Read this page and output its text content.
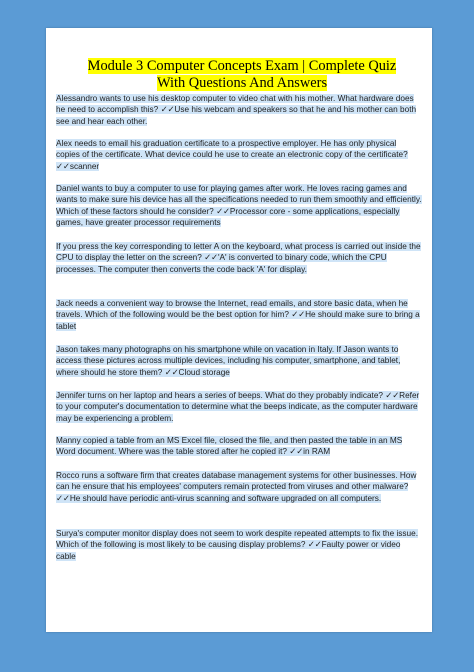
Module 3 Computer Concepts Exam | Complete Quiz
With Questions And Answers

Alessandro wants to use his desktop computer to video chat with his mother. What hardware does he need to accomplish this? ✓✓Use his webcam and speakers so that he and his mother can both see and hear each other.

Alex needs to email his graduation certificate to a prospective employer. He has only physical copies of the certificate. What device could he use to create an electronic copy of the certificate? ✓✓scanner

Daniel wants to buy a computer to use for playing games after work. He loves racing games and wants to make sure his device has all the specifications needed to run them smoothly and efficiently. Which of these factors should he consider? ✓✓Processor core - some applications, especially games, have greater processor requirements

If you press the key corresponding to letter A on the keyboard, what process is carried out inside the CPU to display the letter on the screen? ✓✓'A' is converted to binary code, which the CPU processes. The computer then converts the code back 'A' for display.

Jack needs a convenient way to browse the Internet, read emails, and store basic data, when he travels. Which of the following would be the best option for him? ✓✓He should make sure to bring a tablet

Jason takes many photographs on his smartphone while on vacation in Italy. If Jason wants to access these pictures across multiple devices, including his computer, smartphone, and tablet, where should he store them? ✓✓Cloud storage

Jennifer turns on her laptop and hears a series of beeps. What do they probably indicate? ✓✓Refer to your computer's documentation to determine what the beeps indicate, as the computer hardware may be experiencing a problem.

Manny copied a table from an MS Excel file, closed the file, and then pasted the table in an MS Word document. Where was the table stored after he copied it? ✓✓in RAM

Rocco runs a software firm that creates database management systems for other businesses. How can he ensure that his employees' computers remain protected from viruses and other malware? ✓✓He should have periodic anti-virus scanning and software upgraded on all computers.

Surya's computer monitor display does not seem to work despite repeated attempts to fix the issue. Which of the following is most likely to be causing display problems? ✓✓Faulty power or video cable
